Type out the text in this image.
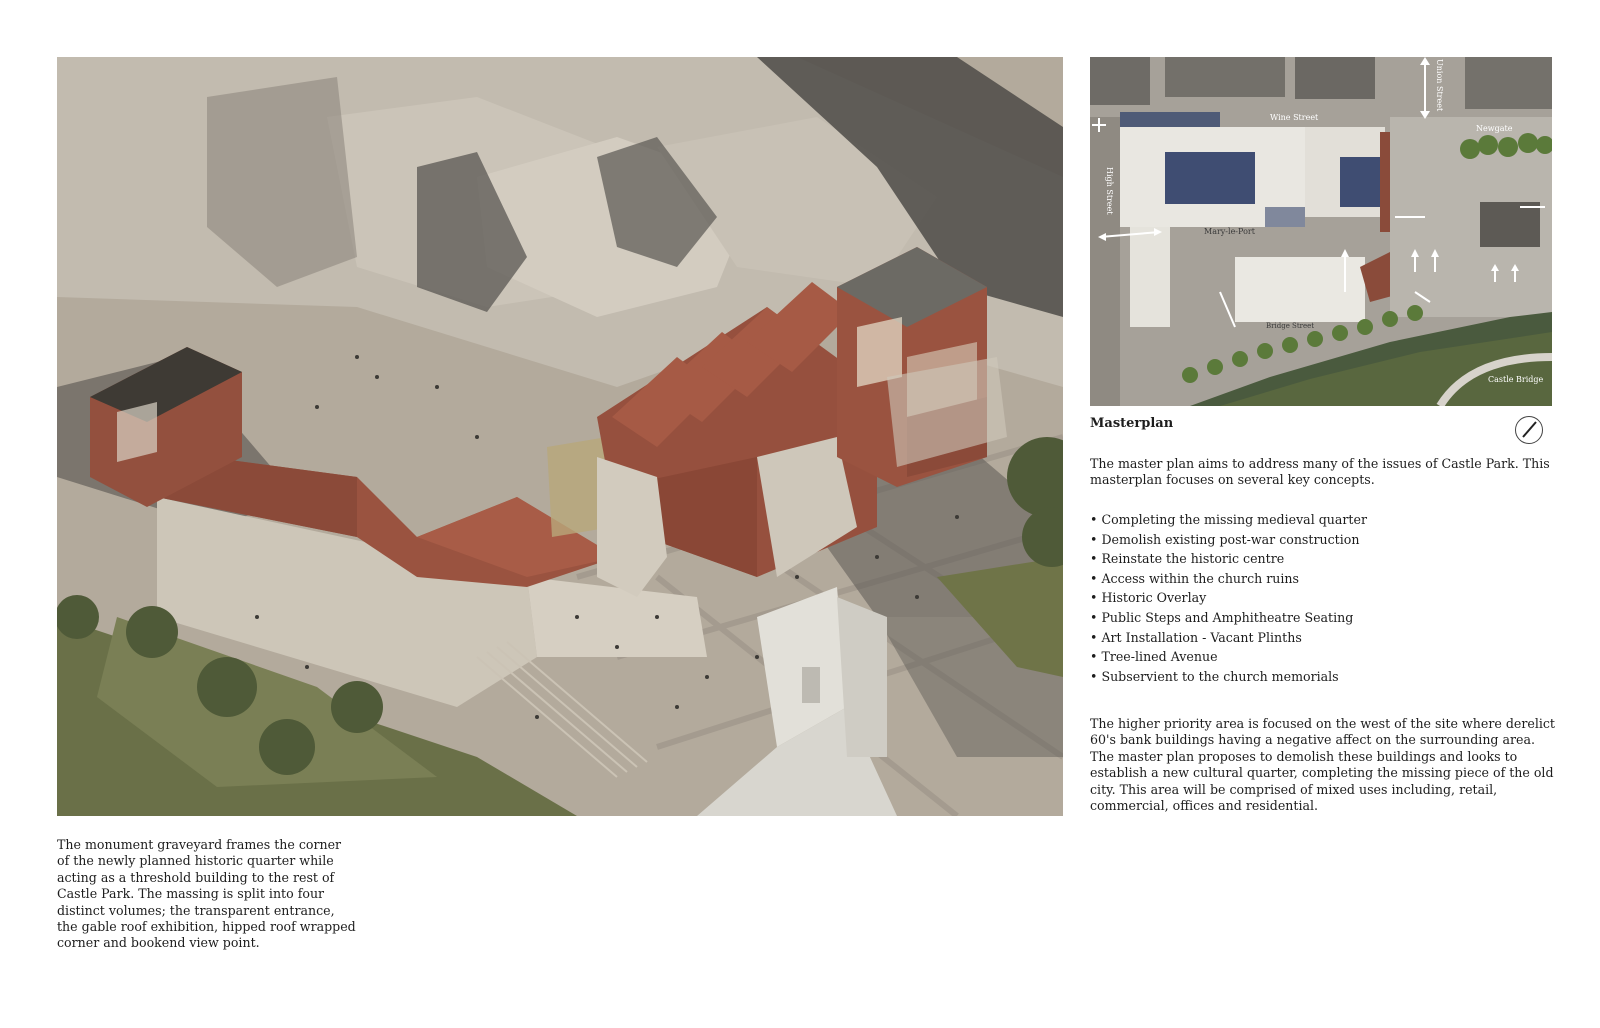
The monument graveyard frames the corner of the newly planned historic quarter while acting as a threshold building to the rest of Castle Park. The massing is split into four distinct volumes; the transparent entrance, the gable roof exhibition, hipped roof wrapped corner and bookend view point.

Wine Street
High Street
Union Street
Newgate
Mary-le-Port
Bridge Street
Castle Bridge
Masterplan

The master plan aims to address many of the issues of Castle Park. This masterplan focuses on several key concepts.

• Completing the missing medieval quarter
• Demolish existing post-war construction
• Reinstate the historic centre
• Access within the church ruins
• Historic Overlay
• Public Steps and Amphitheatre Seating
• Art Installation - Vacant Plinths
• Tree-lined Avenue
• Subservient to the church memorials

The higher priority area is focused on the west of the site where derelict 60's bank buildings having a negative affect on the surrounding area. The master plan proposes to demolish these buildings and looks to establish a new cultural quarter, completing the missing piece of the old city. This area will be comprised of mixed uses including, retail, commercial, offices and residential.
